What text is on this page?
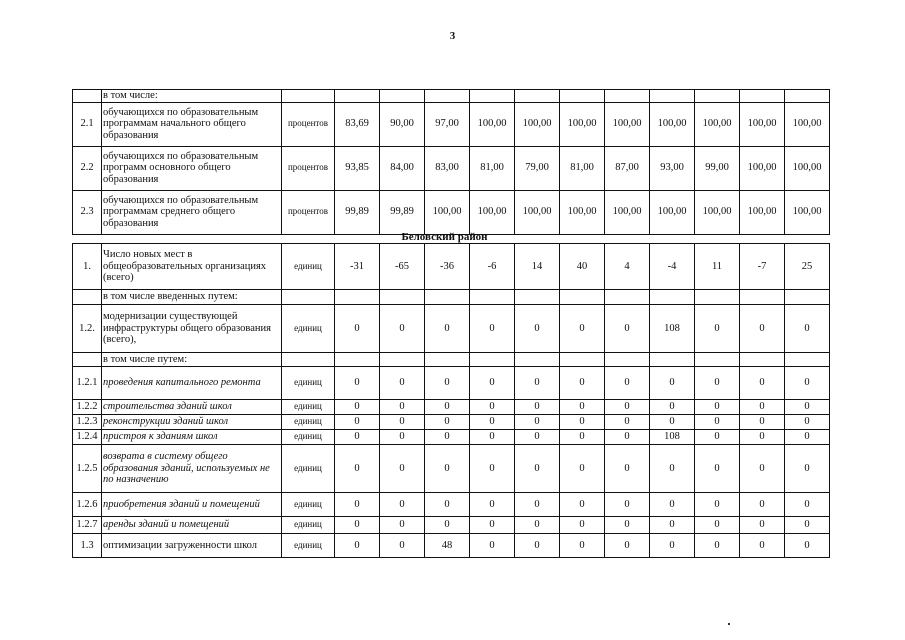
3
	в том числе:												
2.1	обучающихся по образовательным программам начального общего образования	процентов	83,69	90,00	97,00	100,00	100,00	100,00	100,00	100,00	100,00	100,00	100,00
2.2	обучающихся по образовательным программ основного общего образования	процентов	93,85	84,00	83,00	81,00	79,00	81,00	87,00	93,00	99,00	100,00	100,00
2.3	обучающихся по образовательным программам среднего общего образования	процентов	99,89	99,89	100,00	100,00	100,00	100,00	100,00	100,00	100,00	100,00	100,00
Беловский район
1.	Число новых мест в общеобразовательных организациях (всего)	единиц	-31	-65	-36	-6	14	40	4	-4	11	-7	25
	в том числе введенных путем:												
1.2.	модернизации существующей инфраструктуры общего образования (всего),	единиц	0	0	0	0	0	0	0	108	0	0	0
	в том числе путем:												
1.2.1	проведения капитального ремонта	единиц	0	0	0	0	0	0	0	0	0	0	0
1.2.2	строительства зданий школ	единиц	0	0	0	0	0	0	0	0	0	0	0
1.2.3	реконструкции зданий школ	единиц	0	0	0	0	0	0	0	0	0	0	0
1.2.4	пристроя к зданиям школ	единиц	0	0	0	0	0	0	0	108	0	0	0
1.2.5	возврата в систему общего образования зданий, используемых не по назначению	единиц	0	0	0	0	0	0	0	0	0	0	0
1.2.6	приобретения зданий и помещений	единиц	0	0	0	0	0	0	0	0	0	0	0
1.2.7	аренды зданий и помещений	единиц	0	0	0	0	0	0	0	0	0	0	0
1.3	оптимизации загруженности школ	единиц	0	0	48	0	0	0	0	0	0	0	0
